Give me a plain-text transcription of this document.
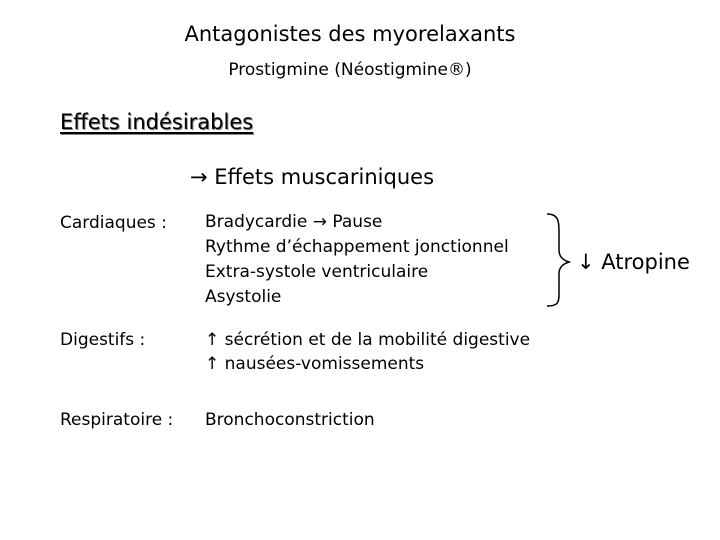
Antagonistes des myorelaxants
Prostigmine (Néostigmine®)
Effets indésirables
→ Effets muscariniques
Cardiaques : Bradycardie → Pause
Rythme d’échappement jonctionnel
Extra-systole ventriculaire
Asystolie
Digestifs :	↑ sécrétion et de la mobilité digestive
↑ nausées-vomissements
Respiratoire : Bronchoconstriction
↓ Atropine
